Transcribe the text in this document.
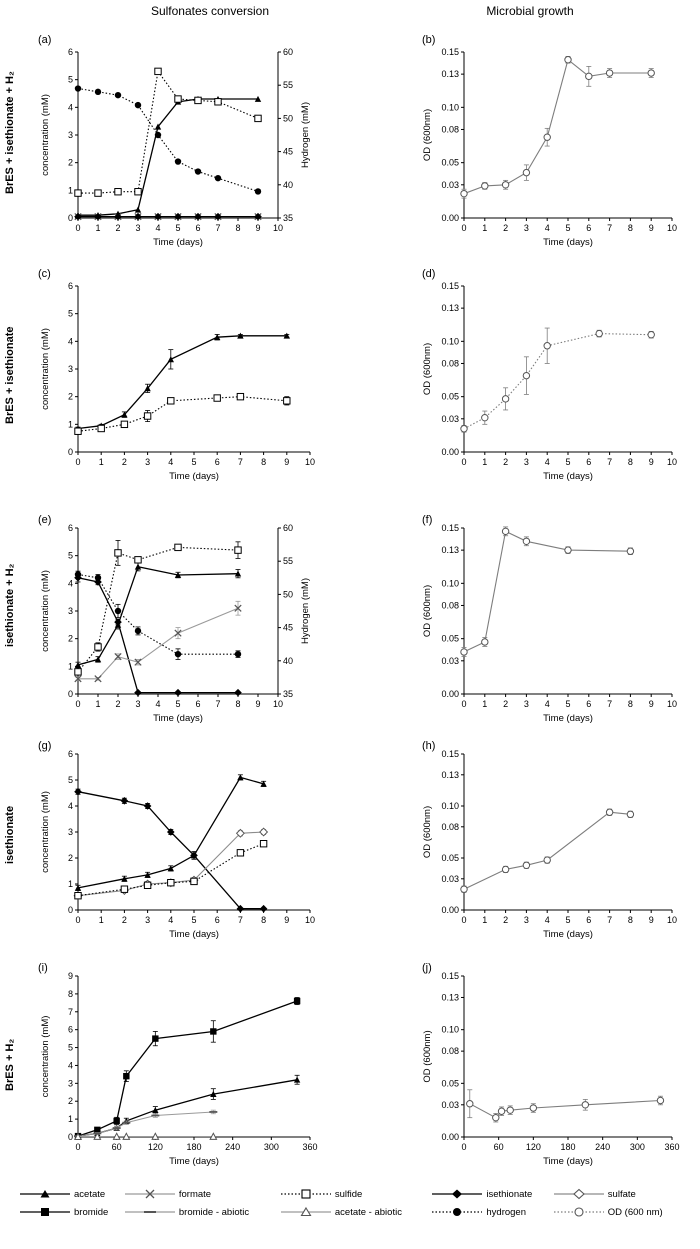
Sulfonates conversion	Microbial growth
BrES + isethionate + H₂
BrES + isethionate
isethionate + H₂
isethionate
BrES + H₂
(a)	(b)
(c)	(d)
(e)	(f)
(g)	(h)
(i)	(j)
0 1 2 3 4 5 6 7 8 9 10
0
1
2
3
4
5
6
35
40
45
50
55
60
Hydrogen (mM)
Time (days)
concentration (mM)
0 1 2 3 4 5 6 7 8 9 10
0.00
0.03
0.05
0.08
0.10
0.13
0.15
Time (days)
OD (600nm)
0 1 2 3 4 5 6 7 8 9 10
0
1
2
3
4
5
6
Time (days)
concentration (mM)
0 1 2 3 4 5 6 7 8 9 10
0.00
0.03
0.05
0.08
0.10
0.13
0.15
Time (days)
OD (600nm)
0 1 2 3 4 5 6 7 8 9 10
0
1
2
3
4
5
6
35
40
45
50
55
60
Hydrogen (mM)
Time (days)
concentration (mM)
0 1 2 3 4 5 6 7 8 9 10
0.00
0.03
0.05
0.08
0.10
0.13
0.15
Time (days)
OD (600nm)
0 1 2 3 4 5 6 7 8 9 10
0
1
2
3
4
5
6
Time (days)
concentration (mM)
0 1 2 3 4 5 6 7 8 9 10
0.00
0.03
0.05
0.08
0.10
0.13
0.15
Time (days)
OD (600nm)
0	60	120	180	240	300	360
0
1
2
3
4
5
6
7
8
9
Time (days)
concentration (mM)
0	60 120 180 240 300 360
0.00
0.03
0.05
0.08
0.10
0.13
0.15
Time (days)
OD (600nm)
	acetate		formate		sulfide		isethionate		sulfate

	bromide		bromide - abiotic		acetate - abiotic		hydrogen		OD (600 nm)
